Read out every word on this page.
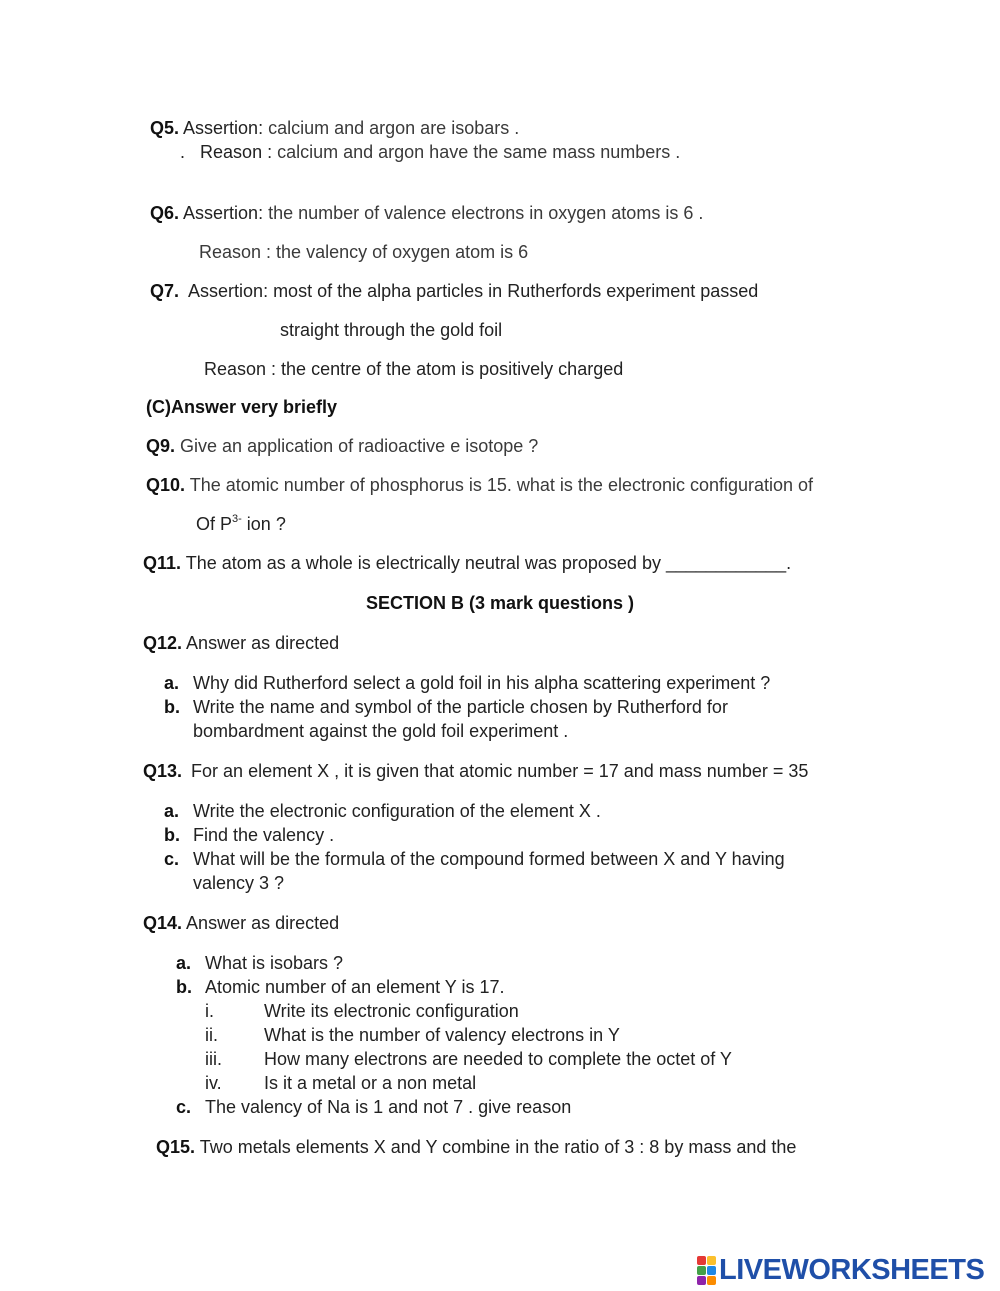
Q5. Assertion: calcium and argon are isobars .
. Reason : calcium and argon have the same mass numbers .
Q6. Assertion: the number of valence electrons in oxygen atoms is 6 .
Reason : the valency of oxygen atom is 6
Q7. Assertion: most of the alpha particles in Rutherfords experiment passed
straight through the gold foil
Reason : the centre of the atom is positively charged
(C)Answer very briefly
Q9. Give an application of radioactive e isotope ?
Q10. The atomic number of phosphorus is 15. what is the electronic configuration of
Of $P^{3-}$ ion ?
Q11. The atom as a whole is electrically neutral was proposed by ____________.
SECTION B (3 mark questions )
Q12. Answer as directed
a. Why did Rutherford select a gold foil in his alpha scattering experiment ?
b. Write the name and symbol of the particle chosen by Rutherford for
bombardment against the gold foil experiment .
Q13. For an element X , it is given that atomic number = 17 and mass number = 35
a. Write the electronic configuration of the element X .
b. Find the valency .
c. What will be the formula of the compound formed between X and Y having
valency 3 ?
Q14. Answer as directed
a. What is isobars ?
b. Atomic number of an element Y is 17.
i.	Write its electronic configuration
ii.	What is the number of valency electrons in Y
iii. How many electrons are needed to complete the octet of Y
iv. Is it a metal or a non metal
c. The valency of Na is 1 and not 7 . give reason
Q15. Two metals elements X and Y combine in the ratio of 3 : 8 by mass and the
LIVEWORKSHEETS
